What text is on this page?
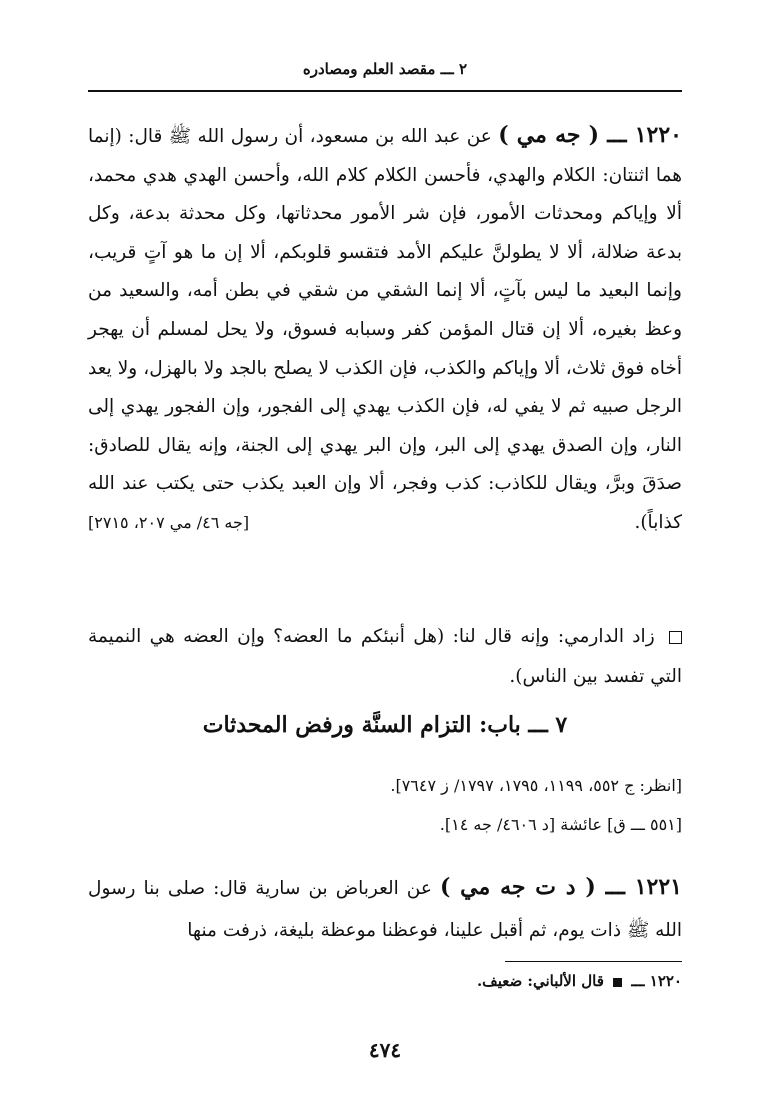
٢ ـــ مقصد العلم ومصادره
١٢٢٠ ـــ ( جه مي ) عن عبد الله بن مسعود، أن رسول الله ﷺ قال: (إنما هما اثنتان: الكلام والهدي، فأحسن الكلام كلام الله، وأحسن الهدي هدي محمد، ألا وإياكم ومحدثات الأمور، فإن شر الأمور محدثاتها، وكل محدثة بدعة، وكل بدعة ضلالة، ألا لا يطولنَّ عليكم الأمد فتقسو قلوبكم، ألا إن ما هو آتٍ قريب، وإنما البعيد ما ليس بآتٍ، ألا إنما الشقي من شقي في بطن أمه، والسعيد من وعظ بغيره، ألا إن قتال المؤمن كفر وسبابه فسوق، ولا يحل لمسلم أن يهجر أخاه فوق ثلاث، ألا وإياكم والكذب، فإن الكذب لا يصلح بالجد ولا بالهزل، ولا يعد الرجل صبيه ثم لا يفي له، فإن الكذب يهدي إلى الفجور، وإن الفجور يهدي إلى النار، وإن الصدق يهدي إلى البر، وإن البر يهدي إلى الجنة، وإنه يقال للصادق: صدَقَ وبرَّ، ويقال للكاذب: كذب وفجر، ألا وإن العبد يكذب حتى يكتب عند الله كذاباً).
[جه ٤٦/ مي ٢٠٧، ٢٧١٥]
زاد الدارمي: وإنه قال لنا: (هل أنبئكم ما العضه؟ وإن العضه هي النميمة التي تفسد بين الناس).
٧ ـــ باب: التزام السنَّة ورفض المحدثات
[انظر: ج ٥٥٢، ١١٩٩، ١٧٩٥، ١٧٩٧/ ز ٧٦٤٧].
[٥٥١ ـــ ق] عائشة [د ٤٦٠٦/ جه ١٤].
١٢٢١ ـــ ( د ت جه مي ) عن العرباض بن سارية قال: صلى بنا رسول الله ﷺ ذات يوم، ثم أقبل علينا، فوعظنا موعظة بليغة، ذرفت منها
١٢٢٠ ـــ  قال الألباني: ضعيف.
٤٧٤
